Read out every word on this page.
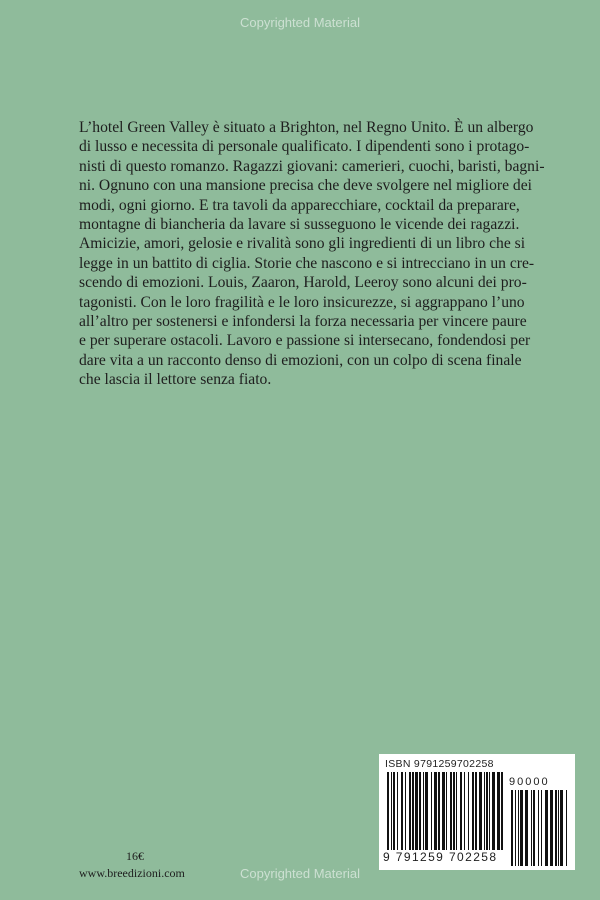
Copyrighted Material

L’hotel Green Valley è situato a Brighton, nel Regno Unito. È un albergo
di lusso e necessita di personale qualificato. I dipendenti sono i protago-
nisti di questo romanzo. Ragazzi giovani: camerieri, cuochi, baristi, bagni-
ni. Ognuno con una mansione precisa che deve svolgere nel migliore dei
modi, ogni giorno. E tra tavoli da apparecchiare, cocktail da preparare,
montagne di biancheria da lavare si susseguono le vicende dei ragazzi.
Amicizie, amori, gelosie e rivalità sono gli ingredienti di un libro che si
legge in un battito di ciglia. Storie che nascono e si intrecciano in un cre-
scendo di emozioni. Louis, Zaaron, Harold, Leeroy sono alcuni dei pro-
tagonisti. Con le loro fragilità e le loro insicurezze, si aggrappano l’uno
all’altro per sostenersi e infondersi la forza necessaria per vincere paure
e per superare ostacoli. Lavoro e passione si intersecano, fondendosi per
dare vita a un racconto denso di emozioni, con un colpo di scena finale
che lascia il lettore senza fiato.

16€
www.breedizioni.com
ISBN 9791259702258
90000
9 791259 702258
Copyrighted Material
